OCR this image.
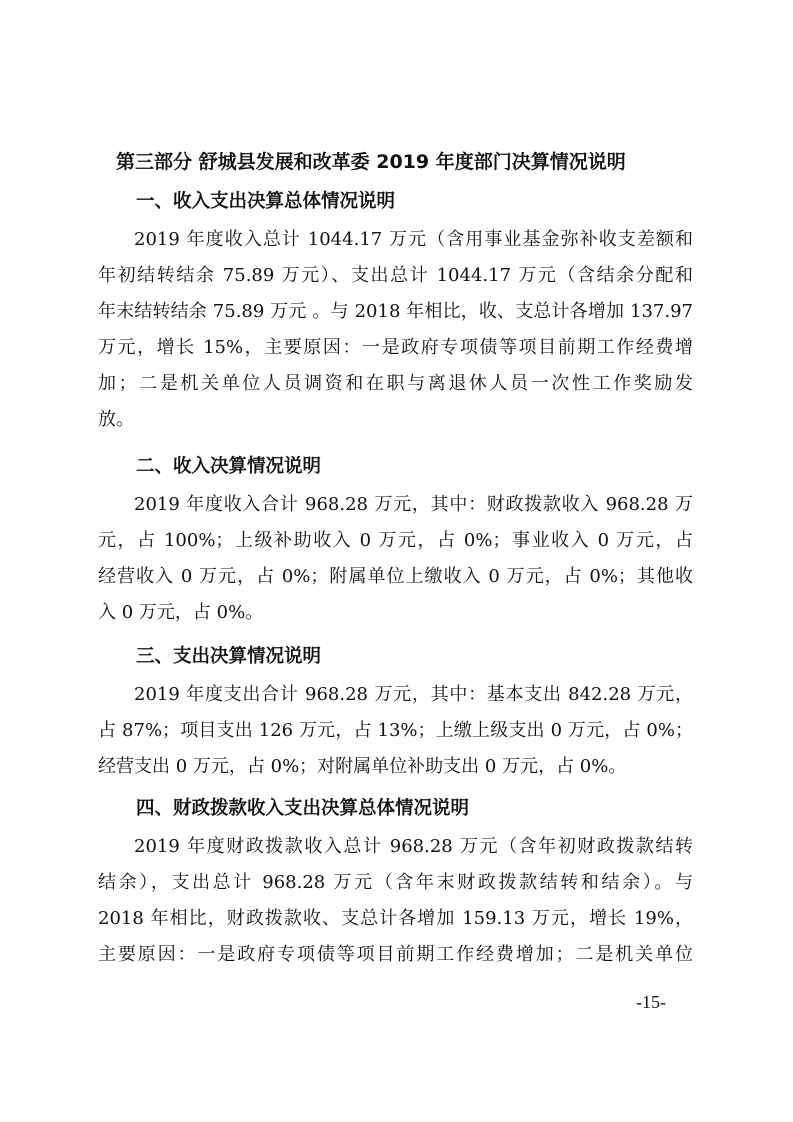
第三部分 舒城县发展和改革委 2019 年度部门决算情况说明
一、收入支出决算总体情况说明
2019 年度收入总计 1044.17 万元（含用事业基金弥补收支差额和
年初结转结余 75.89 万元）、支出总计 1044.17 万元（含结余分配和
年末结转结余 75.89 万元 。与 2018 年相比，收、支总计各增加 137.97
万元，增长 15%，主要原因：一是政府专项债等项目前期工作经费增
加；二是机关单位人员调资和在职与离退休人员一次性工作奖励发
放。
二、收入决算情况说明
2019 年度收入合计 968.28 万元，其中：财政拨款收入 968.28 万
元，占 100%；上级补助收入 0 万元，占 0%；事业收入 0 万元，占
经营收入 0 万元，占 0%；附属单位上缴收入 0 万元，占 0%；其他收
入 0 万元，占 0%。
三、支出决算情况说明
2019 年度支出合计 968.28 万元，其中：基本支出 842.28 万元，
占 87%；项目支出 126 万元，占 13%；上缴上级支出 0 万元，占 0%；
经营支出 0 万元，占 0%；对附属单位补助支出 0 万元，占 0%。
四、财政拨款收入支出决算总体情况说明
2019 年度财政拨款收入总计 968.28 万元（含年初财政拨款结转
结余），支出总计 968.28 万元（含年末财政拨款结转和结余）。与
2018 年相比，财政拨款收、支总计各增加 159.13 万元，增长 19%，
主要原因：一是政府专项债等项目前期工作经费增加；二是机关单位
-15-
